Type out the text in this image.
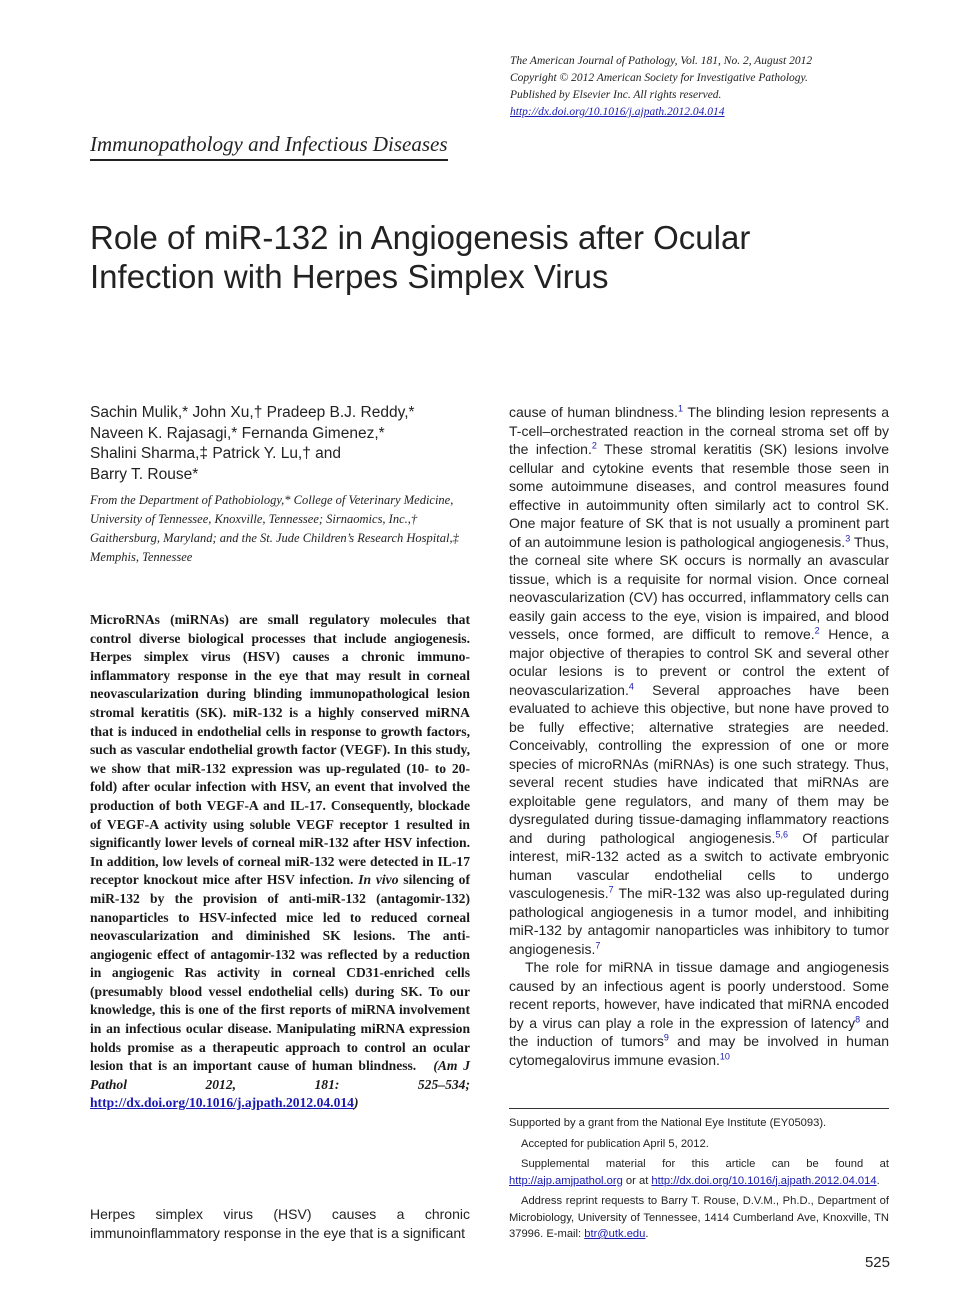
The American Journal of Pathology, Vol. 181, No. 2, August 2012
Copyright © 2012 American Society for Investigative Pathology.
Published by Elsevier Inc. All rights reserved.
http://dx.doi.org/10.1016/j.ajpath.2012.04.014
Immunopathology and Infectious Diseases
Role of miR-132 in Angiogenesis after Ocular Infection with Herpes Simplex Virus
Sachin Mulik,* John Xu,† Pradeep B.J. Reddy,*
Naveen K. Rajasagi,* Fernanda Gimenez,*
Shalini Sharma,‡ Patrick Y. Lu,† and
Barry T. Rouse*
From the Department of Pathobiology,* College of Veterinary Medicine, University of Tennessee, Knoxville, Tennessee; Sirnaomics, Inc.,† Gaithersburg, Maryland; and the St. Jude Children’s Research Hospital,‡ Memphis, Tennessee
MicroRNAs (miRNAs) are small regulatory molecules that control diverse biological processes that include angiogenesis. Herpes simplex virus (HSV) causes a chronic immuno-inflammatory response in the eye that may result in corneal neovascularization during blinding immunopathological lesion stromal keratitis (SK). miR-132 is a highly conserved miRNA that is induced in endothelial cells in response to growth factors, such as vascular endothelial growth factor (VEGF). In this study, we show that miR-132 expression was up-regulated (10- to 20-fold) after ocular infection with HSV, an event that involved the production of both VEGF-A and IL-17. Consequently, blockade of VEGF-A activity using soluble VEGF receptor 1 resulted in significantly lower levels of corneal miR-132 after HSV infection. In addition, low levels of corneal miR-132 were detected in IL-17 receptor knockout mice after HSV infection. In vivo silencing of miR-132 by the provision of anti-miR-132 (antagomir-132) nanoparticles to HSV-infected mice led to reduced corneal neovascularization and diminished SK lesions. The anti-angiogenic effect of antagomir-132 was reflected by a reduction in angiogenic Ras activity in corneal CD31-enriched cells (presumably blood vessel endothelial cells) during SK. To our knowledge, this is one of the first reports of miRNA involvement in an infectious ocular disease. Manipulating miRNA expression holds promise as a therapeutic approach to control an ocular lesion that is an important cause of human blindness. (Am J Pathol 2012, 181: 525–534; http://dx.doi.org/10.1016/j.ajpath.2012.04.014)
Herpes simplex virus (HSV) causes a chronic immunoinflammatory response in the eye that is a significant

cause of human blindness.$^1$ The blinding lesion represents a T-cell–orchestrated reaction in the corneal stroma set off by the infection.$^2$ These stromal keratitis (SK) lesions involve cellular and cytokine events that resemble those seen in some autoimmune diseases, and control measures found effective in autoimmunity often similarly act to control SK. One major feature of SK that is not usually a prominent part of an autoimmune lesion is pathological angiogenesis.$^3$ Thus, the corneal site where SK occurs is normally an avascular tissue, which is a requisite for normal vision. Once corneal neovascularization (CV) has occurred, inflammatory cells can easily gain access to the eye, vision is impaired, and blood vessels, once formed, are difficult to remove.$^2$ Hence, a major objective of therapies to control SK and several other ocular lesions is to prevent or control the extent of neovascularization.$^4$ Several approaches have been evaluated to achieve this objective, but none have proved to be fully effective; alternative strategies are needed. Conceivably, controlling the expression of one or more species of microRNAs (miRNAs) is one such strategy. Thus, several recent studies have indicated that miRNAs are exploitable gene regulators, and many of them may be dysregulated during tissue-damaging inflammatory reactions and during pathological angiogenesis.$^{5,6}$ Of particular interest, miR-132 acted as a switch to activate embryonic human vascular endothelial cells to undergo vasculogenesis.$^7$ The miR-132 was also up-regulated during pathological angiogenesis in a tumor model, and inhibiting miR-132 by antagomir nanoparticles was inhibitory to tumor angiogenesis.$^7$

The role for miRNA in tissue damage and angiogenesis caused by an infectious agent is poorly understood. Some recent reports, however, have indicated that miRNA encoded by a virus can play a role in the expression of latency$^8$ and the induction of tumors$^9$ and may be involved in human cytomegalovirus immune evasion.$^{10}$

Supported by a grant from the National Eye Institute (EY05093).

Accepted for publication April 5, 2012.

Supplemental material for this article can be found at http://ajp.amjpathol.org or at http://dx.doi.org/10.1016/j.ajpath.2012.04.014.

Address reprint requests to Barry T. Rouse, D.V.M., Ph.D., Department of Microbiology, University of Tennessee, 1414 Cumberland Ave, Knoxville, TN 37996. E-mail: btr@utk.edu.

525
